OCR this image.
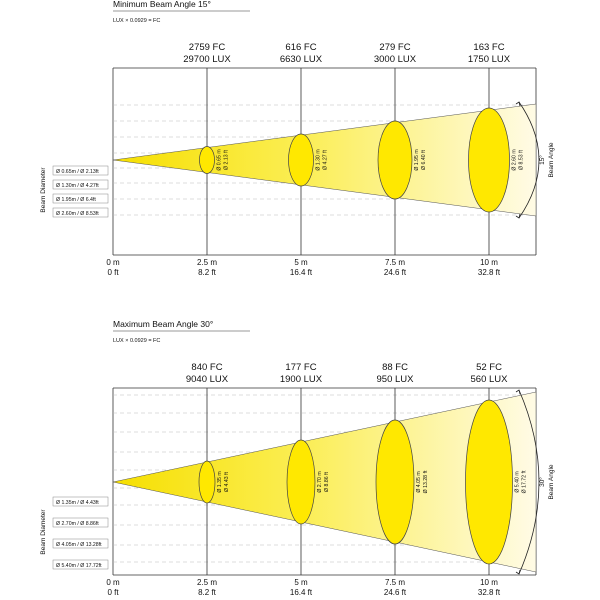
Minimum Beam Angle 15°
LUX × 0.0929 = FC
Ø 0.65 m Ø 2.13 ft
2759 FC
29700 LUX
Ø 1.30 m Ø 4.27 ft
616 FC
6630 LUX
Ø 1.95 m Ø 6.40 ft
279 FC
3000 LUX
Ø 2.60 m Ø 8.53 ft
163 FC
1750 LUX
15° Beam Angle
Beam Diameter Ø 0.65m / Ø 2.13ft
Ø 1.30m / Ø 4.27ft
Ø 1.95m / Ø 6.4ft
Ø 2.60m / Ø 8.53ft
0 m
0 ft
2.5 m
8.2 ft
5 m
16.4 ft
7.5 m
24.6 ft
10 m
32.8 ft
Maximum Beam Angle 30°
LUX × 0.0929 = FC
Ø 1.35 m Ø 4.43 ft
840 FC
9040 LUX
Ø 2.70 m Ø 8.86 ft
177 FC
1900 LUX
Ø 4.05 m Ø 13.28 ft
88 FC
950 LUX
Ø 5.40 m Ø 17.72 ft
52 FC
560 LUX
30° Beam Angle
Beam Diameter
Ø 1.35m / Ø 4.43ft
Ø 2.70m / Ø 8.86ft
Ø 4.05m / Ø 13.28ft
Ø 5.40m / Ø 17.72ft
0 m
0 ft
2.5 m
8.2 ft
5 m
16.4 ft
7.5 m
24.6 ft
10 m
32.8 ft
